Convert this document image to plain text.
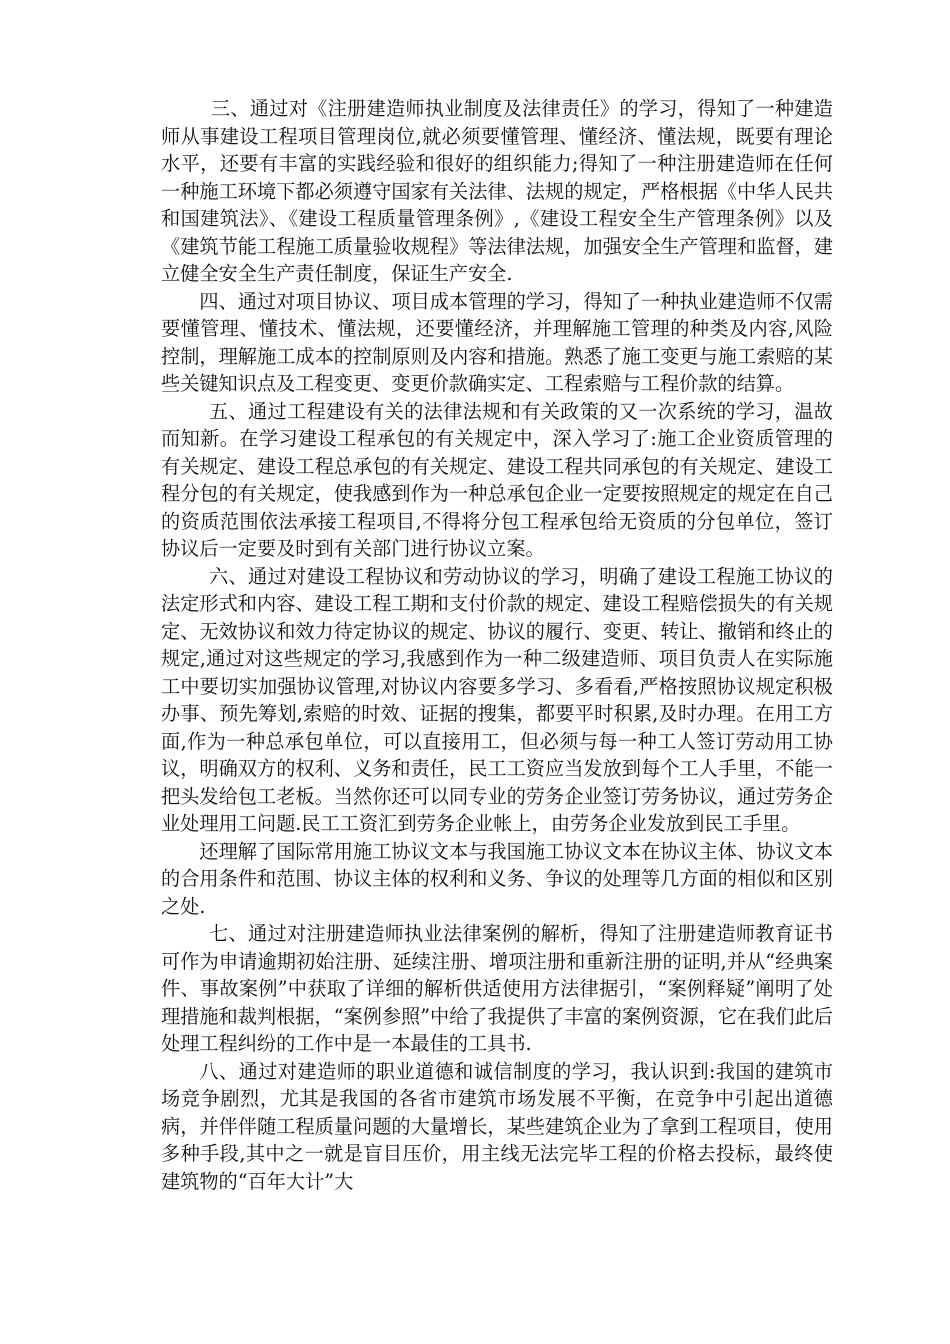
三、通过对《注册建造师执业制度及法律责任》的学习，得知了一种建造师从事建设工程项目管理岗位,就必须要懂管理、懂经济、懂法规，既要有理论水平，还要有丰富的实践经验和很好的组织能力;得知了一种注册建造师在任何一种施工环境下都必须遵守国家有关法律、法规的规定，严格根据《中华人民共和国建筑法》、《建设工程质量管理条例》,《建设工程安全生产管理条例》以及《建筑节能工程施工质量验收规程》等法律法规，加强安全生产管理和监督，建立健全安全生产责任制度，保证生产安全.

四、通过对项目协议、项目成本管理的学习，得知了一种执业建造师不仅需要懂管理、懂技术、懂法规，还要懂经济，并理解施工管理的种类及内容,风险控制，理解施工成本的控制原则及内容和措施。熟悉了施工变更与施工索赔的某些关键知识点及工程变更、变更价款确实定、工程索赔与工程价款的结算。

五、通过工程建设有关的法律法规和有关政策的又一次系统的学习，温故而知新。在学习建设工程承包的有关规定中，深入学习了:施工企业资质管理的有关规定、建设工程总承包的有关规定、建设工程共同承包的有关规定、建设工程分包的有关规定，使我感到作为一种总承包企业一定要按照规定的规定在自己的资质范围依法承接工程项目,不得将分包工程承包给无资质的分包单位，签订协议后一定要及时到有关部门进行协议立案。

六、通过对建设工程协议和劳动协议的学习，明确了建设工程施工协议的法定形式和内容、建设工程工期和支付价款的规定、建设工程赔偿损失的有关规定、无效协议和效力待定协议的规定、协议的履行、变更、转让、撤销和终止的规定,通过对这些规定的学习,我感到作为一种二级建造师、项目负责人在实际施工中要切实加强协议管理,对协议内容要多学习、多看看,严格按照协议规定积极办事、预先筹划,索赔的时效、证据的搜集，都要平时积累,及时办理。在用工方面,作为一种总承包单位，可以直接用工，但必须与每一种工人签订劳动用工协议，明确双方的权利、义务和责任，民工工资应当发放到每个工人手里，不能一把头发给包工老板。当然你还可以同专业的劳务企业签订劳务协议，通过劳务企业处理用工问题.民工工资汇到劳务企业帐上，由劳务企业发放到民工手里。

还理解了国际常用施工协议文本与我国施工协议文本在协议主体、协议文本的合用条件和范围、协议主体的权利和义务、争议的处理等几方面的相似和区别之处.

七、通过对注册建造师执业法律案例的解析，得知了注册建造师教育证书可作为申请逾期初始注册、延续注册、增项注册和重新注册的证明,并从“经典案件、事故案例”中获取了详细的解析供适使用方法律据引，“案例释疑”阐明了处理措施和裁判根据，“案例参照”中给了我提供了丰富的案例资源，它在我们此后处理工程纠纷的工作中是一本最佳的工具书.

八、通过对建造师的职业道德和诚信制度的学习，我认识到:我国的建筑市场竞争剧烈，尤其是我国的各省市建筑市场发展不平衡，在竞争中引起出道德病，并伴伴随工程质量问题的大量增长，某些建筑企业为了拿到工程项目，使用多种手段,其中之一就是盲目压价，用主线无法完毕工程的价格去投标，最终使建筑物的“百年大计”大
